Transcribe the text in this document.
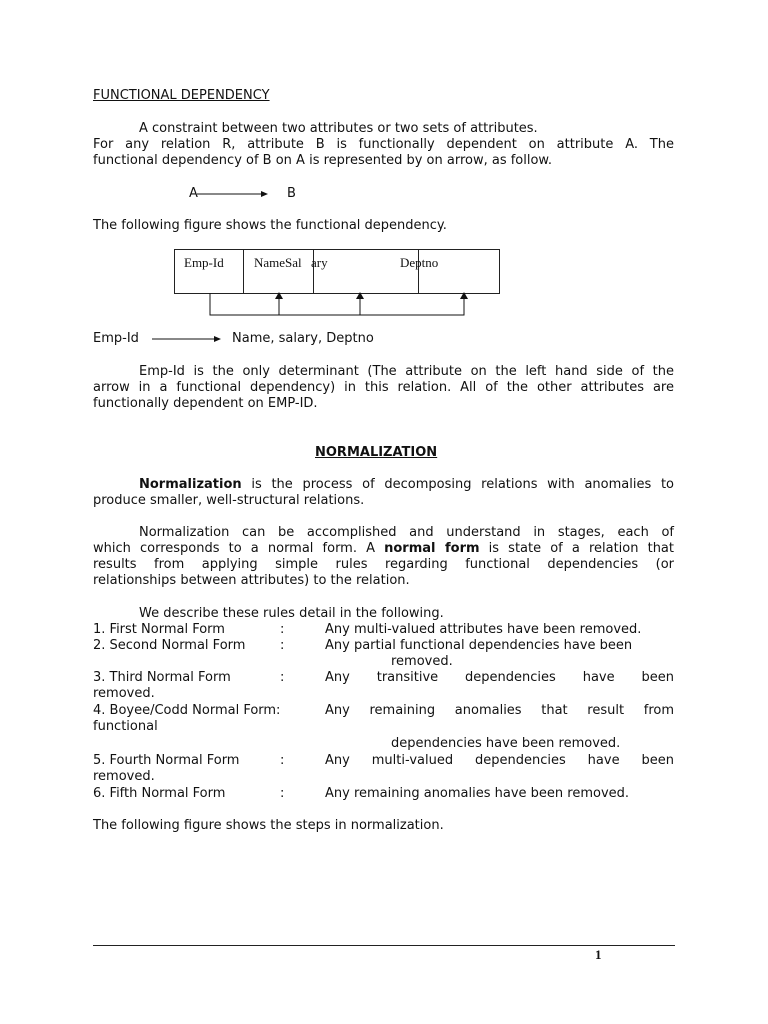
FUNCTIONAL DEPENDENCY
A constraint between two attributes or two sets of attributes.
For any relation R, attribute B is functionally dependent on attribute A. The
functional dependency of B on A is represented by on arrow, as follow.
A	B
The following figure shows the functional dependency.
Emp-Id NameSal ary	Deptno
Emp-Id	Name, salary, Deptno
Emp-Id is the only determinant (The attribute on the left hand side of the
arrow in a functional dependency) in this relation. All of the other attributes are
functionally dependent on EMP-ID.
NORMALIZATION
Normalization is the process of decomposing relations with anomalies to
produce smaller, well-structural relations.
Normalization can be accomplished and understand in stages, each of
which corresponds to a normal form. A normal form is state of a relation that
results from applying simple rules regarding functional dependencies (or
relationships between attributes) to the relation.
We describe these rules detail in the following.
1. First Normal Form	:	Any multi-valued attributes have been removed.
2. Second Normal Form	:	Any partial functional dependencies have been
removed.
3. Third Normal Form	:	Any transitive dependencies have been
removed.
4. Boyee/Codd Normal Form:	Any remaining anomalies that result from
functional
dependencies have been removed.
5. Fourth Normal Form	:	Any multi-valued dependencies have been
removed.
6. Fifth Normal Form	:	Any remaining anomalies have been removed.
The following figure shows the steps in normalization.
1
